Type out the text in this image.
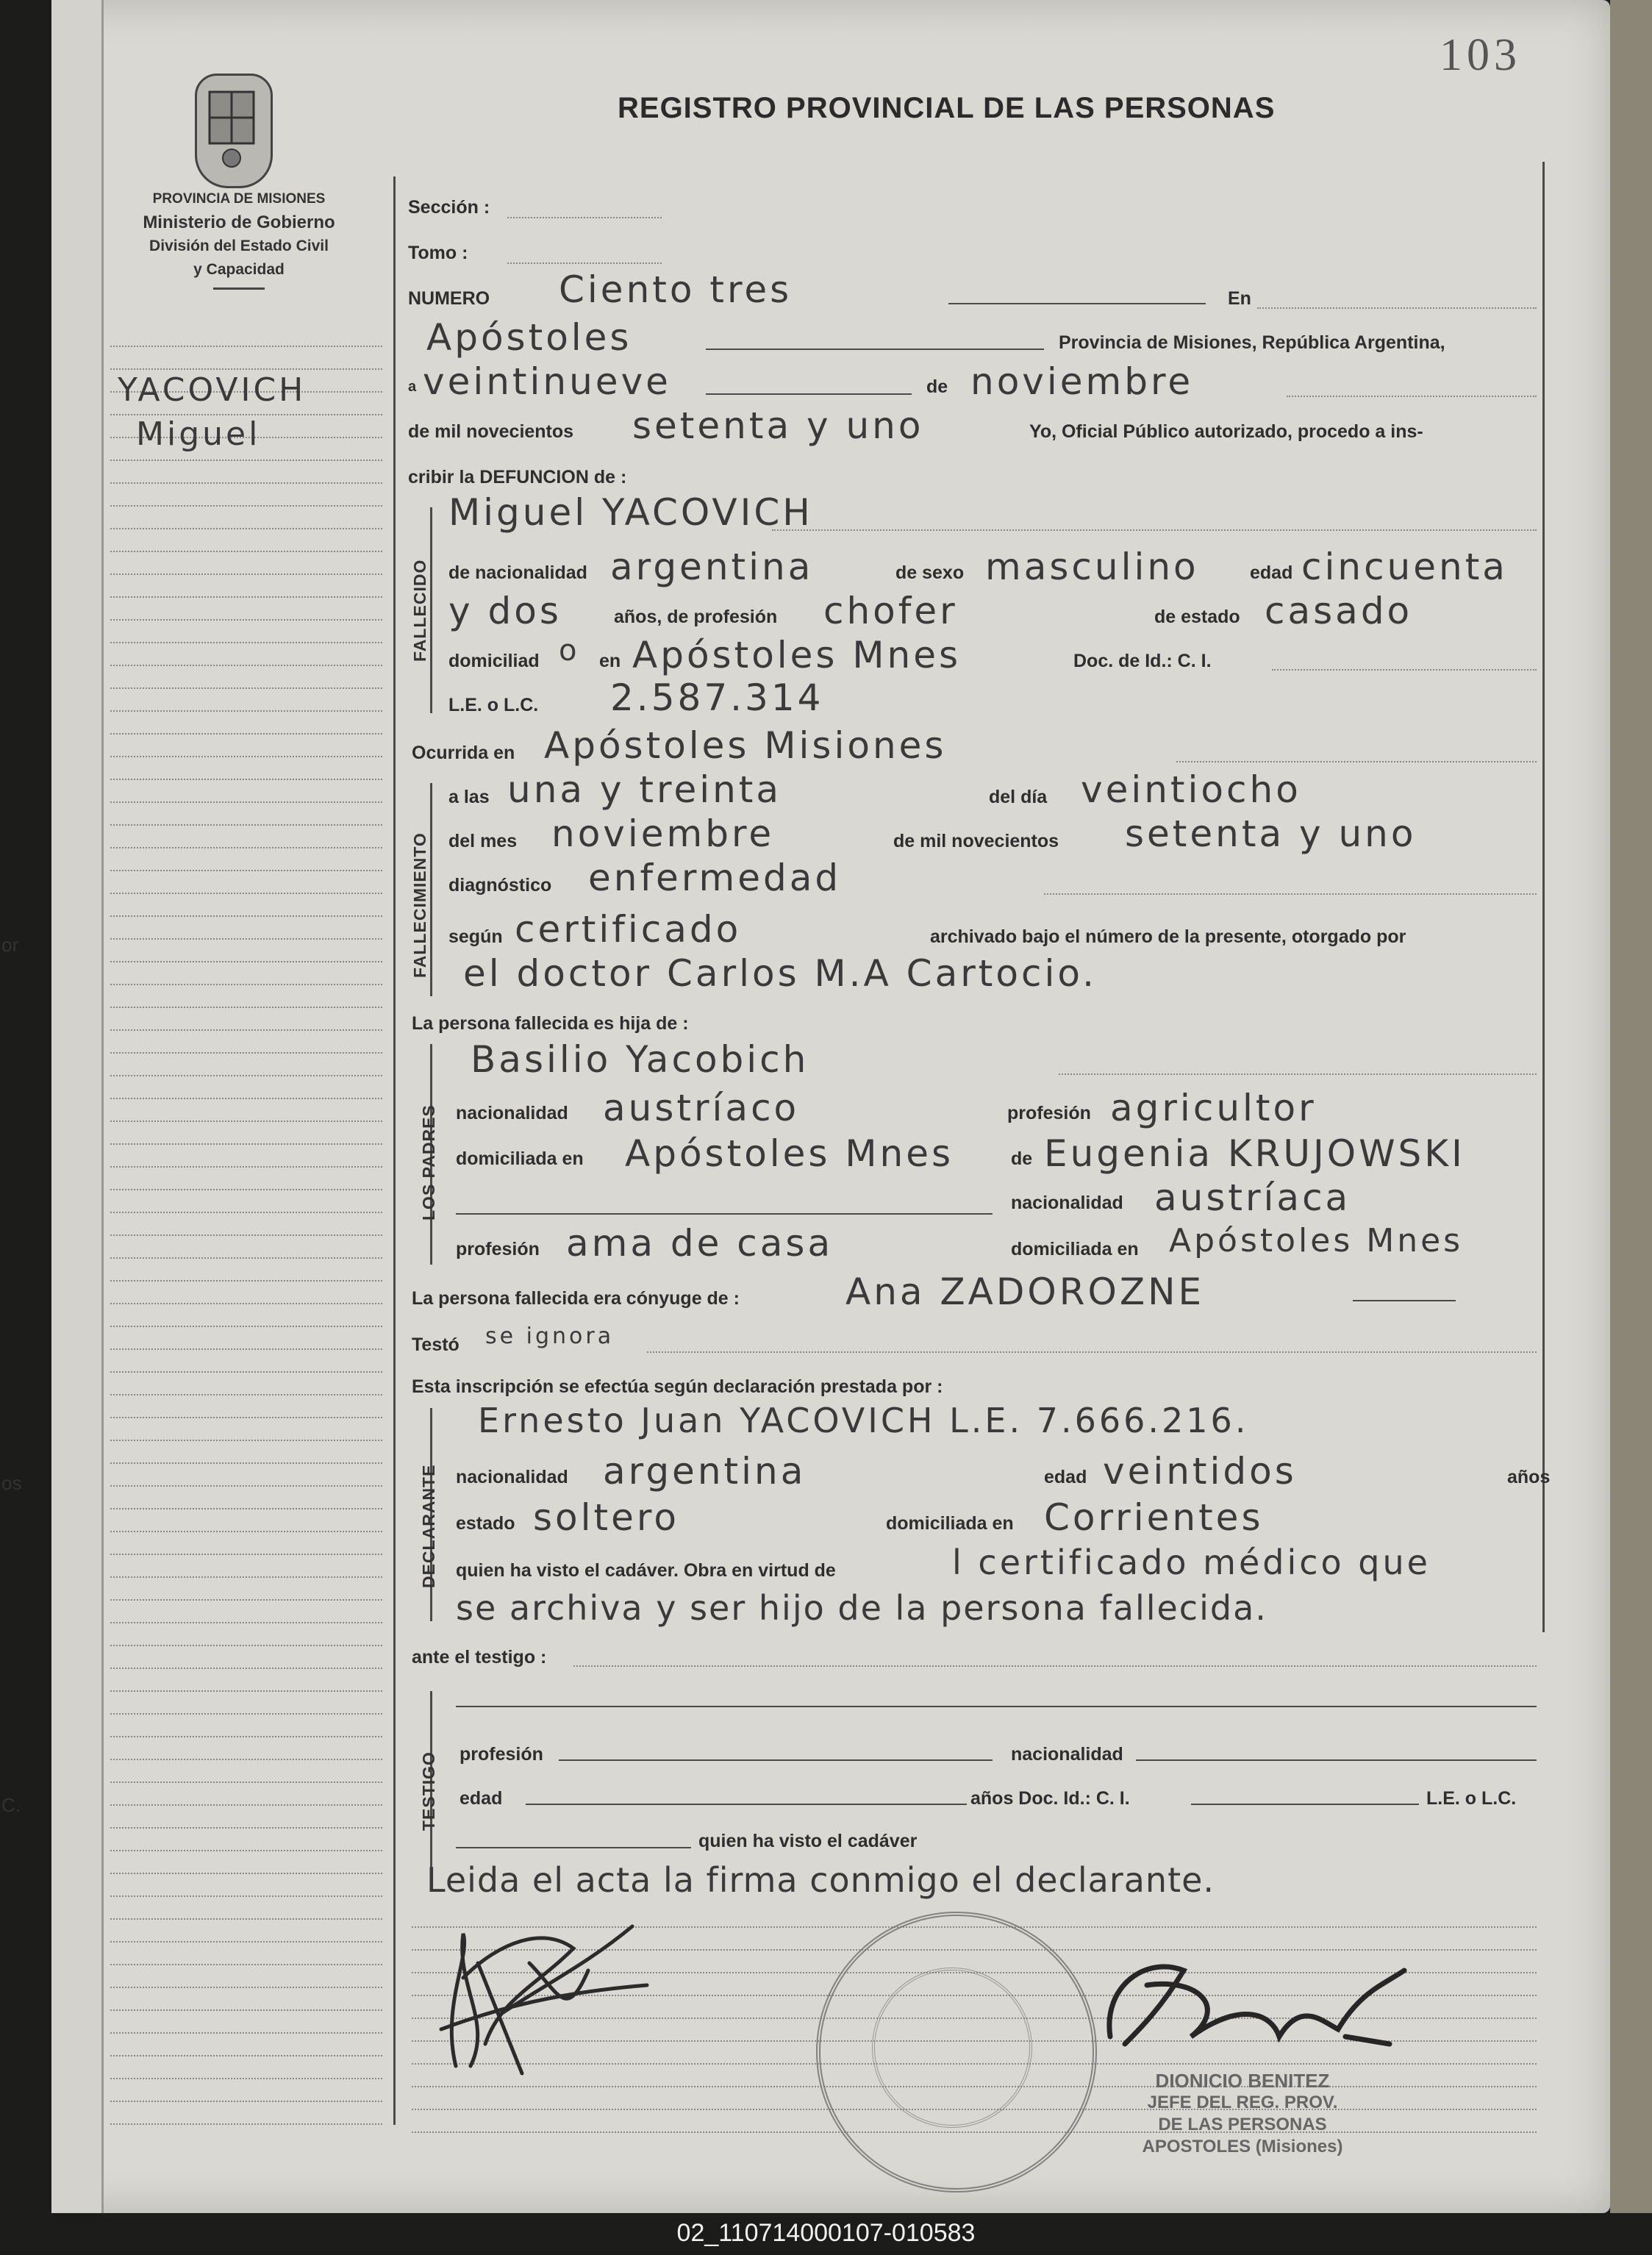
or
os
C.
103
REGISTRO PROVINCIAL DE LAS PERSONAS
PROVINCIA DE MISIONES
Ministerio de Gobierno
División del Estado Civil
y Capacidad
YACOVICH
Miguel
Sección :
Tomo :
NUMERO Ciento tres	En
Apóstoles	Provincia de Misiones, República Argentina,
a veintinueve	de noviembre
de mil novecientos setenta y uno	Yo, Oficial Público autorizado, procedo a ins-
cribir la DEFUNCION de :
FALLECIDO
Miguel YACOVICH
de nacionalidad argentina	de sexo masculino	edad cincuenta
y dos	años, de profesión chofer	de estado casado
domiciliad o en Apóstoles Mnes	Doc. de Id.: C. I.
L.E. o L.C. 2.587.314
Ocurrida en Apóstoles Misiones
FALLECIMIENTO
a las una y treinta	del día veintiocho
del mes noviembre	de mil novecientos setenta y uno
diagnóstico enfermedad
según certificado	archivado bajo el número de la presente, otorgado por
el doctor Carlos M.A Cartocio.
La persona fallecida es hija de :
LOS PADRES
Basilio Yacobich
nacionalidad austríaco	profesión agricultor
domiciliada en Apóstoles Mnes	de Eugenia KRUJOWSKI
nacionalidad austríaca
profesión ama de casa	domiciliada en Apóstoles Mnes
La persona fallecida era cónyuge de :	Ana ZADOROZNE
Testó se ignora
Esta inscripción se efectúa según declaración prestada por :
DECLARANTE
Ernesto Juan YACOVICH L.E. 7.666.216.
nacionalidad argentina	edad veintidos	años
estado soltero	domiciliada en Corrientes
quien ha visto el cadáver. Obra en virtud de	l certificado médico que
se archiva y ser hijo de la persona fallecida.
ante el testigo :
TESTIGO profesión	nacionalidad
edad	años Doc. Id.: C. I.	L.E. o L.C.
quien ha visto el cadáver
Leida el acta la firma conmigo el declarante.
DIONICIO BENITEZ
JEFE DEL REG. PROV.
DE LAS PERSONAS
APOSTOLES (Misiones)
02_110714000107-010583
